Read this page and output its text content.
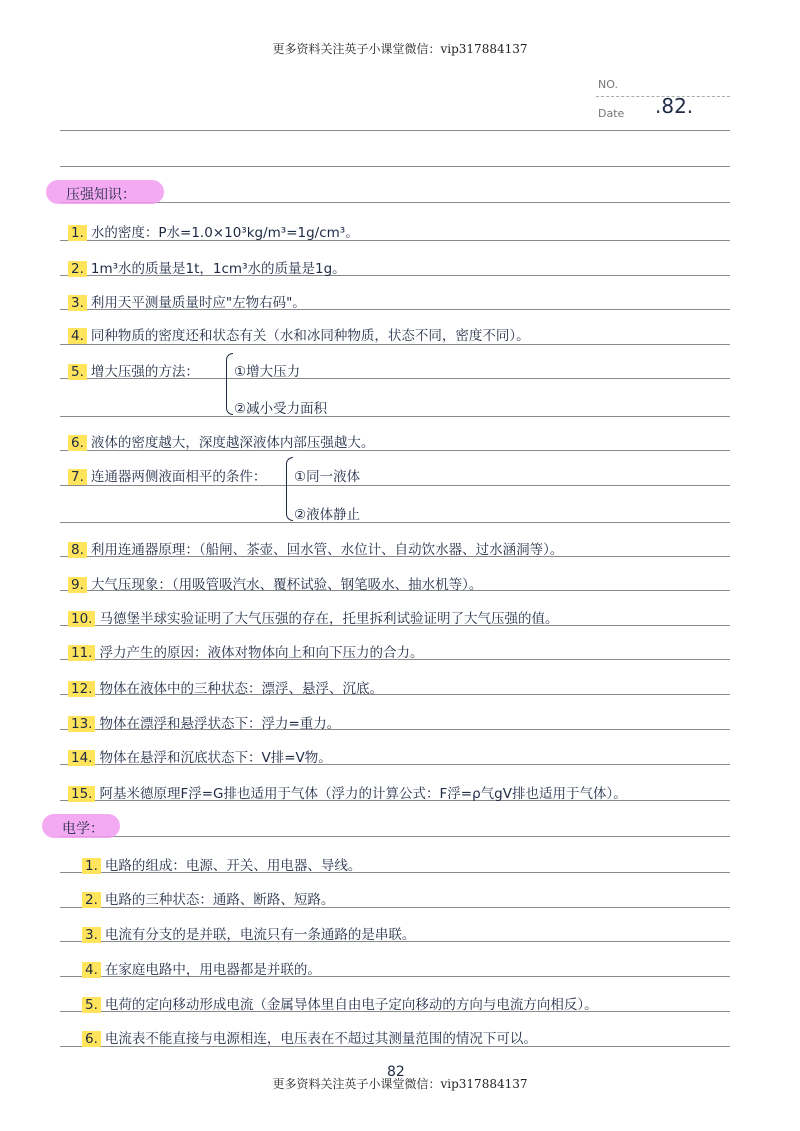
更多资料关注英子小课堂微信：vip317884137
NO.
Date .82.
压强知识：
1. 水的密度：P水=1.0×10³kg/m³=1g/cm³。
2. 1m³水的质量是1t，1cm³水的质量是1g。
3. 利用天平测量质量时应"左物右码"。
4. 同种物质的密度还和状态有关（水和冰同种物质，状态不同，密度不同）。
5. 增大压强的方法：	①增大压力
②减小受力面积
6. 液体的密度越大，深度越深液体内部压强越大。
7. 连通器两侧液面相平的条件： ①同一液体
②液体静止
8. 利用连通器原理：（船闸、茶壶、回水管、水位计、自动饮水器、过水涵洞等）。
9. 大气压现象：（用吸管吸汽水、覆杯试验、钢笔吸水、抽水机等）。
10. 马德堡半球实验证明了大气压强的存在，托里拆利试验证明了大气压强的值。
11. 浮力产生的原因：液体对物体向上和向下压力的合力。
12. 物体在液体中的三种状态：漂浮、悬浮、沉底。
13. 物体在漂浮和悬浮状态下：浮力=重力。
14. 物体在悬浮和沉底状态下：V排=V物。
15. 阿基米德原理F浮=G排也适用于气体（浮力的计算公式：F浮=ρ气gV排也适用于气体）。
电学：
1. 电路的组成：电源、开关、用电器、导线。
2. 电路的三种状态：通路、断路、短路。
3. 电流有分支的是并联，电流只有一条通路的是串联。
4. 在家庭电路中，用电器都是并联的。
5. 电荷的定向移动形成电流（金属导体里自由电子定向移动的方向与电流方向相反）。
6. 电流表不能直接与电源相连，电压表在不超过其测量范围的情况下可以。
82
更多资料关注英子小课堂微信：vip317884137
